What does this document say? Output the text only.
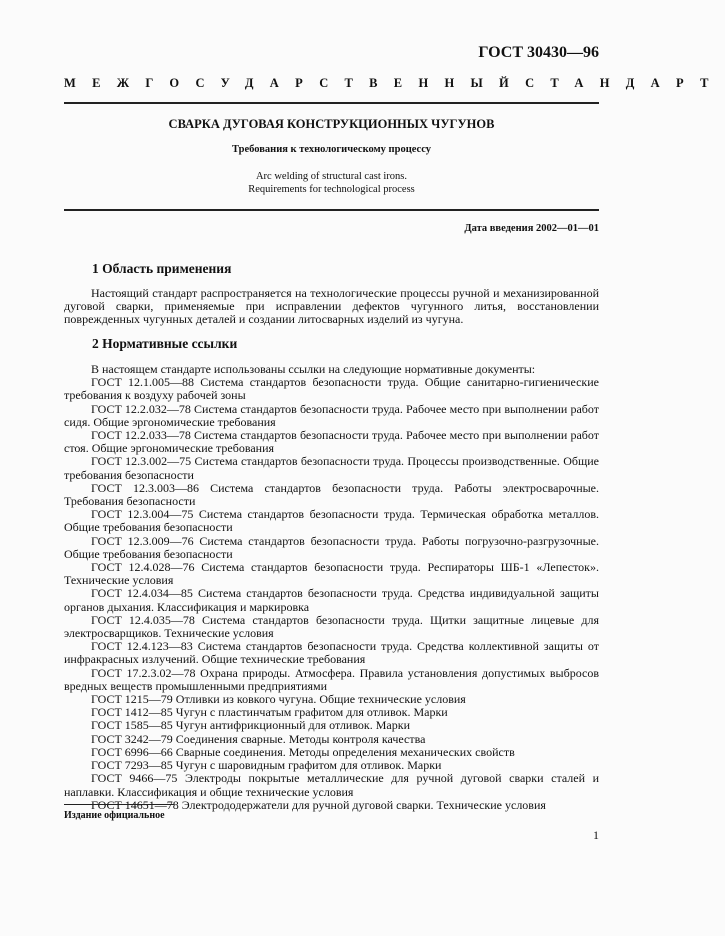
ГОСТ 30430—96
МЕЖГОСУДАРСТВЕННЫЙ СТАНДАРТ
СВАРКА ДУГОВАЯ КОНСТРУКЦИОННЫХ ЧУГУНОВ
Требования к технологическому процессу
Arc welding of structural cast irons.
Requirements for technological process
Дата введения 2002—01—01
1 Область применения

Настоящий стандарт распространяется на технологические процессы ручной и механизированной дуговой сварки, применяемые при исправлении дефектов чугунного литья, восстановлении поврежденных чугунных деталей и создании литосварных изделий из чугуна.

2 Нормативные ссылки

В настоящем стандарте использованы ссылки на следующие нормативные документы:

ГОСТ 12.1.005—88 Система стандартов безопасности труда. Общие санитарно-гигиенические требования к воздуху рабочей зоны

ГОСТ 12.2.032—78 Система стандартов безопасности труда. Рабочее место при выполнении работ сидя. Общие эргономические требования

ГОСТ 12.2.033—78 Система стандартов безопасности труда. Рабочее место при выполнении работ стоя. Общие эргономические требования

ГОСТ 12.3.002—75 Система стандартов безопасности труда. Процессы производственные. Общие требования безопасности

ГОСТ 12.3.003—86 Система стандартов безопасности труда. Работы электросварочные. Требования безопасности

ГОСТ 12.3.004—75 Система стандартов безопасности труда. Термическая обработка металлов. Общие требования безопасности

ГОСТ 12.3.009—76 Система стандартов безопасности труда. Работы погрузочно-разгрузочные. Общие требования безопасности

ГОСТ 12.4.028—76 Система стандартов безопасности труда. Респираторы ШБ-1 «Лепесток». Технические условия

ГОСТ 12.4.034—85 Система стандартов безопасности труда. Средства индивидуальной защиты органов дыхания. Классификация и маркировка

ГОСТ 12.4.035—78 Система стандартов безопасности труда. Щитки защитные лицевые для электросварщиков. Технические условия

ГОСТ 12.4.123—83 Система стандартов безопасности труда. Средства коллективной защиты от инфракрасных излучений. Общие технические требования

ГОСТ 17.2.3.02—78 Охрана природы. Атмосфера. Правила установления допустимых выбросов вредных веществ промышленными предприятиями

ГОСТ 1215—79 Отливки из ковкого чугуна. Общие технические условия

ГОСТ 1412—85 Чугун с пластинчатым графитом для отливок. Марки

ГОСТ 1585—85 Чугун антифрикционный для отливок. Марки

ГОСТ 3242—79 Соединения сварные. Методы контроля качества

ГОСТ 6996—66 Сварные соединения. Методы определения механических свойств

ГОСТ 7293—85 Чугун с шаровидным графитом для отливок. Марки

ГОСТ 9466—75 Электроды покрытые металлические для ручной дуговой сварки сталей и наплавки. Классификация и общие технические условия

ГОСТ 14651—78 Электрододержатели для ручной дуговой сварки. Технические условия

Издание официальное
1
